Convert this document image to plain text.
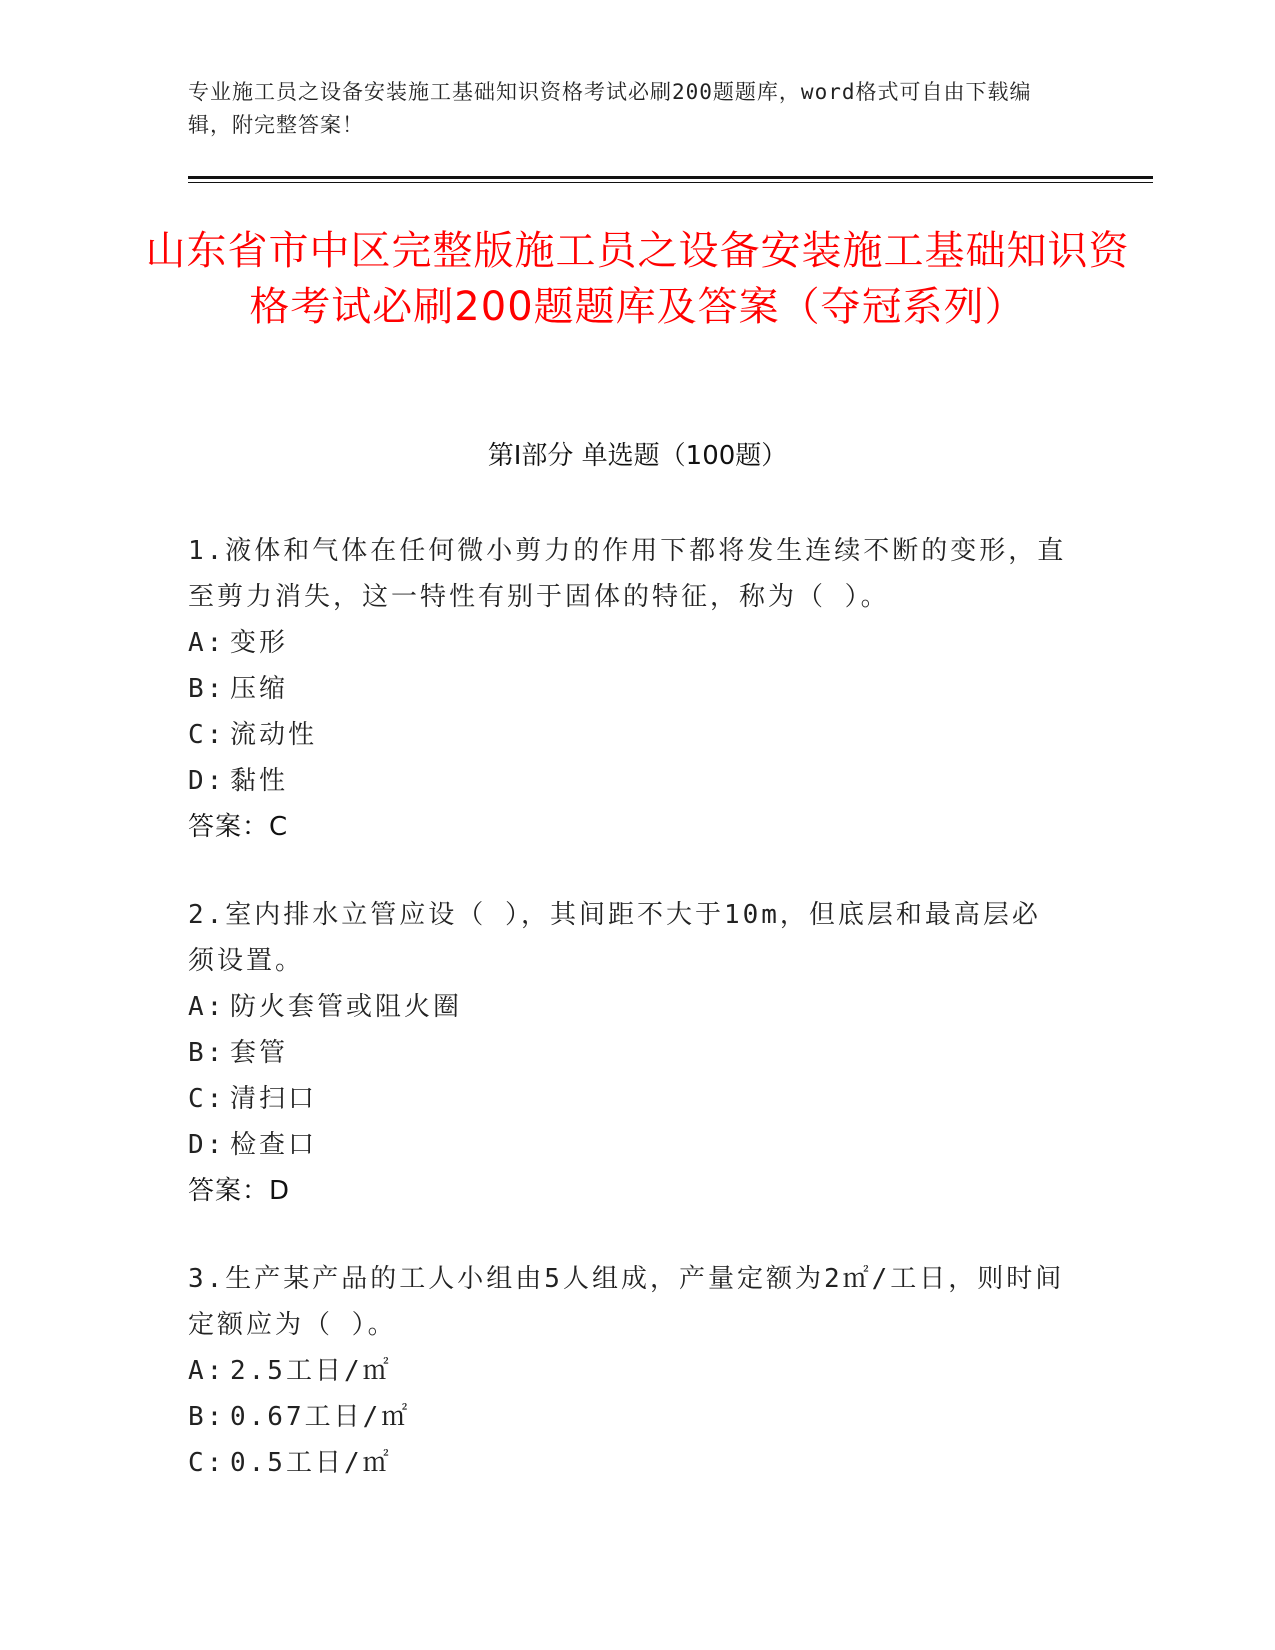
专业施工员之设备安装施工基础知识资格考试必刷200题题库，word格式可自由下载编辑，附完整答案！
山东省市中区完整版施工员之设备安装施工基础知识资格考试必刷200题题库及答案（夺冠系列）
第Ⅰ部分 单选题（100题）
1.液体和气体在任何微小剪力的作用下都将发生连续不断的变形，直至剪力消失，这一特性有别于固体的特征，称为（ ）。
A: 变形
B: 压缩
C: 流动性
D: 黏性
答案：C
2.室内排水立管应设（ ），其间距不大于10m，但底层和最高层必须设置。
A: 防火套管或阻火圈
B: 套管
C: 清扫口
D: 检查口
答案：D
3.生产某产品的工人小组由5人组成，产量定额为2㎡/工日，则时间定额应为（ ）。
A: 2.5工日/㎡
B: 0.67工日/㎡
C: 0.5工日/㎡
